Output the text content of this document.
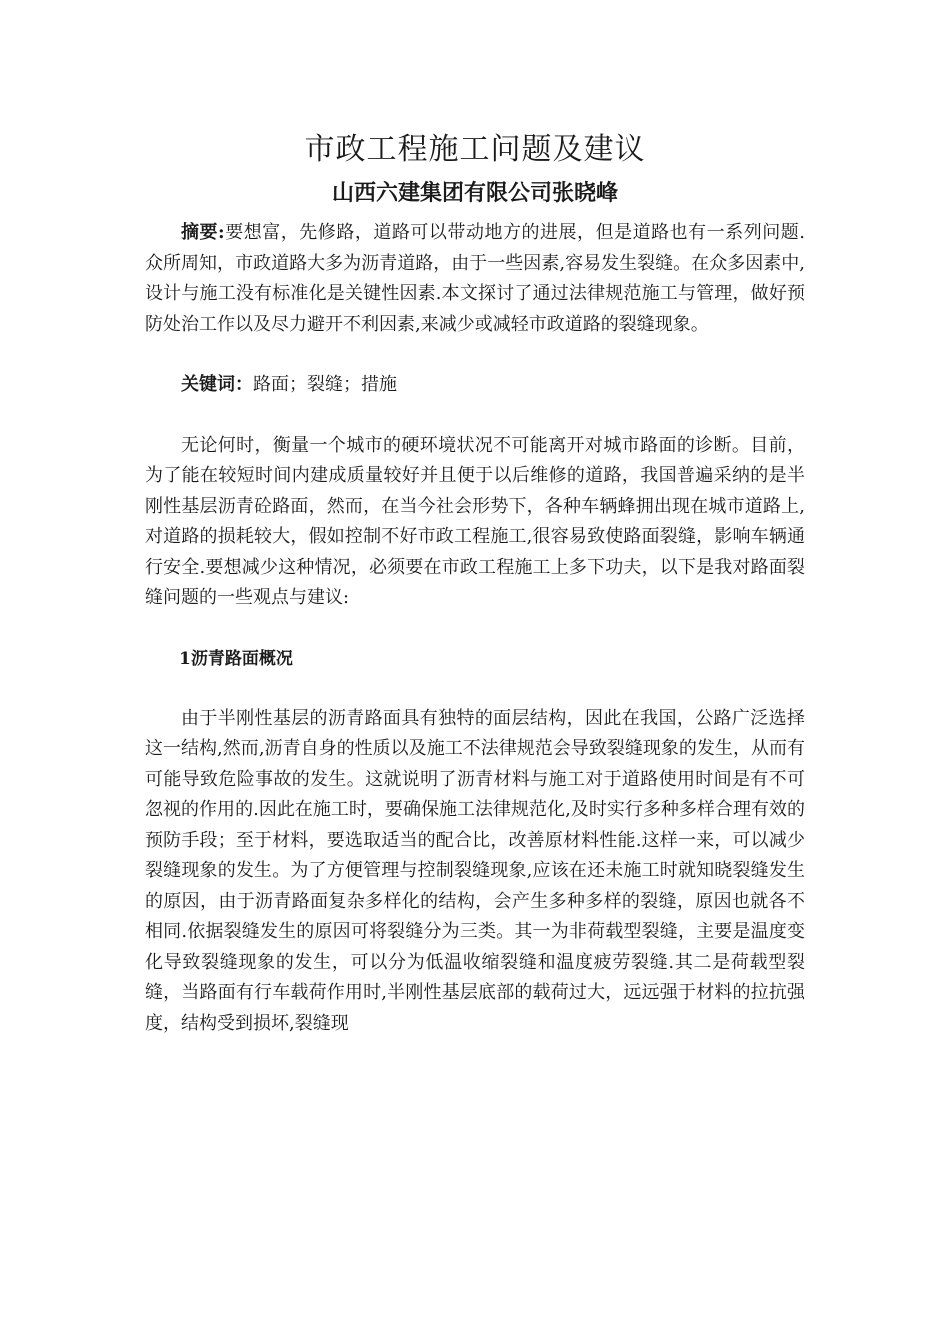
市政工程施工问题及建议
山西六建集团有限公司张晓峰

摘要:要想富，先修路，道路可以带动地方的进展，但是道路也有一系列问题.众所周知，市政道路大多为沥青道路，由于一些因素,容易发生裂缝。在众多因素中,设计与施工没有标准化是关键性因素.本文探讨了通过法律规范施工与管理，做好预防处治工作以及尽力避开不利因素,来减少或减轻市政道路的裂缝现象。

关键词：路面；裂缝；措施

无论何时，衡量一个城市的硬环境状况不可能离开对城市路面的诊断。目前，为了能在较短时间内建成质量较好并且便于以后维修的道路，我国普遍采纳的是半刚性基层沥青砼路面，然而，在当今社会形势下，各种车辆蜂拥出现在城市道路上,对道路的损耗较大，假如控制不好市政工程施工,很容易致使路面裂缝，影响车辆通行安全.要想减少这种情况，必须要在市政工程施工上多下功夫，以下是我对路面裂缝问题的一些观点与建议:

1沥青路面概况

由于半刚性基层的沥青路面具有独特的面层结构，因此在我国，公路广泛选择这一结构,然而,沥青自身的性质以及施工不法律规范会导致裂缝现象的发生，从而有可能导致危险事故的发生。这就说明了沥青材料与施工对于道路使用时间是有不可忽视的作用的.因此在施工时，要确保施工法律规范化,及时实行多种多样合理有效的预防手段；至于材料，要选取适当的配合比，改善原材料性能.这样一来，可以减少裂缝现象的发生。为了方便管理与控制裂缝现象,应该在还未施工时就知晓裂缝发生的原因，由于沥青路面复杂多样化的结构，会产生多种多样的裂缝，原因也就各不相同.依据裂缝发生的原因可将裂缝分为三类。其一为非荷载型裂缝，主要是温度变化导致裂缝现象的发生，可以分为低温收缩裂缝和温度疲劳裂缝.其二是荷载型裂缝，当路面有行车载荷作用时,半刚性基层底部的载荷过大，远远强于材料的拉抗强度，结构受到损坏,裂缝现
